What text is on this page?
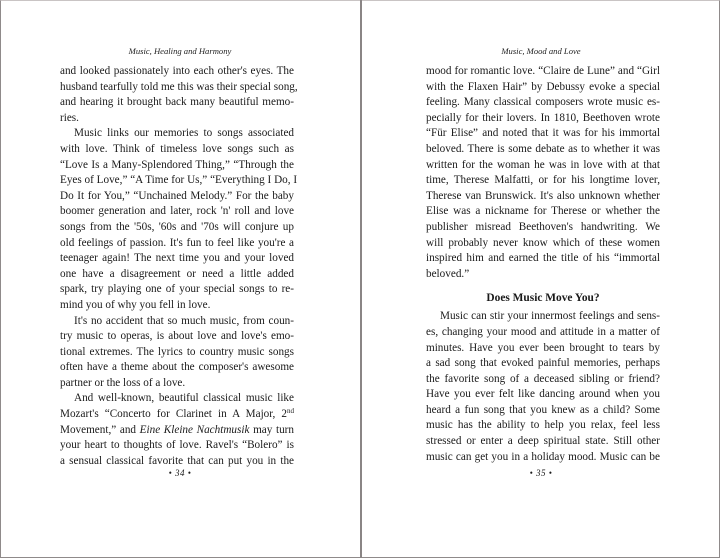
Music, Healing and Harmony

and looked passionately into each other's eyes. The
husband tearfully told me this was their special song,
and hearing it brought back many beautiful memo-
ries.

Music links our memories to songs associated
with love. Think of timeless love songs such as
“Love Is a Many-Splendored Thing,” “Through the
Eyes of Love,” “A Time for Us,” “Everything I Do, I
Do It for You,” “Unchained Melody.” For the baby
boomer generation and later, rock 'n' roll and love
songs from the '50s, '60s and '70s will conjure up
old feelings of passion. It's fun to feel like you're a
teenager again! The next time you and your loved
one have a disagreement or need a little added
spark, try playing one of your special songs to re-
mind you of why you fell in love.

It's no accident that so much music, from coun-
try music to operas, is about love and love's emo-
tional extremes. The lyrics to country music songs
often have a theme about the composer's awesome
partner or the loss of a love.

And well-known, beautiful classical music like
Mozart's “Concerto for Clarinet in A Major, 2nd
Movement,” and Eine Kleine Nachtmusik may turn
your heart to thoughts of love. Ravel's “Bolero” is
a sensual classical favorite that can put you in the

• 34 •
Music, Mood and Love

mood for romantic love. “Claire de Lune” and “Girl
with the Flaxen Hair” by Debussy evoke a special
feeling. Many classical composers wrote music es-
pecially for their lovers. In 1810, Beethoven wrote
“Für Elise” and noted that it was for his immortal
beloved. There is some debate as to whether it was
written for the woman he was in love with at that
time, Therese Malfatti, or for his longtime lover,
Therese van Brunswick. It's also unknown whether
Elise was a nickname for Therese or whether the
publisher misread Beethoven's handwriting. We
will probably never know which of these women
inspired him and earned the title of his “immortal
beloved.”

Does Music Move You?

Music can stir your innermost feelings and sens-
es, changing your mood and attitude in a matter of
minutes. Have you ever been brought to tears by
a sad song that evoked painful memories, perhaps
the favorite song of a deceased sibling or friend?
Have you ever felt like dancing around when you
heard a fun song that you knew as a child? Some
music has the ability to help you relax, feel less
stressed or enter a deep spiritual state. Still other
music can get you in a holiday mood. Music can be

• 35 •
